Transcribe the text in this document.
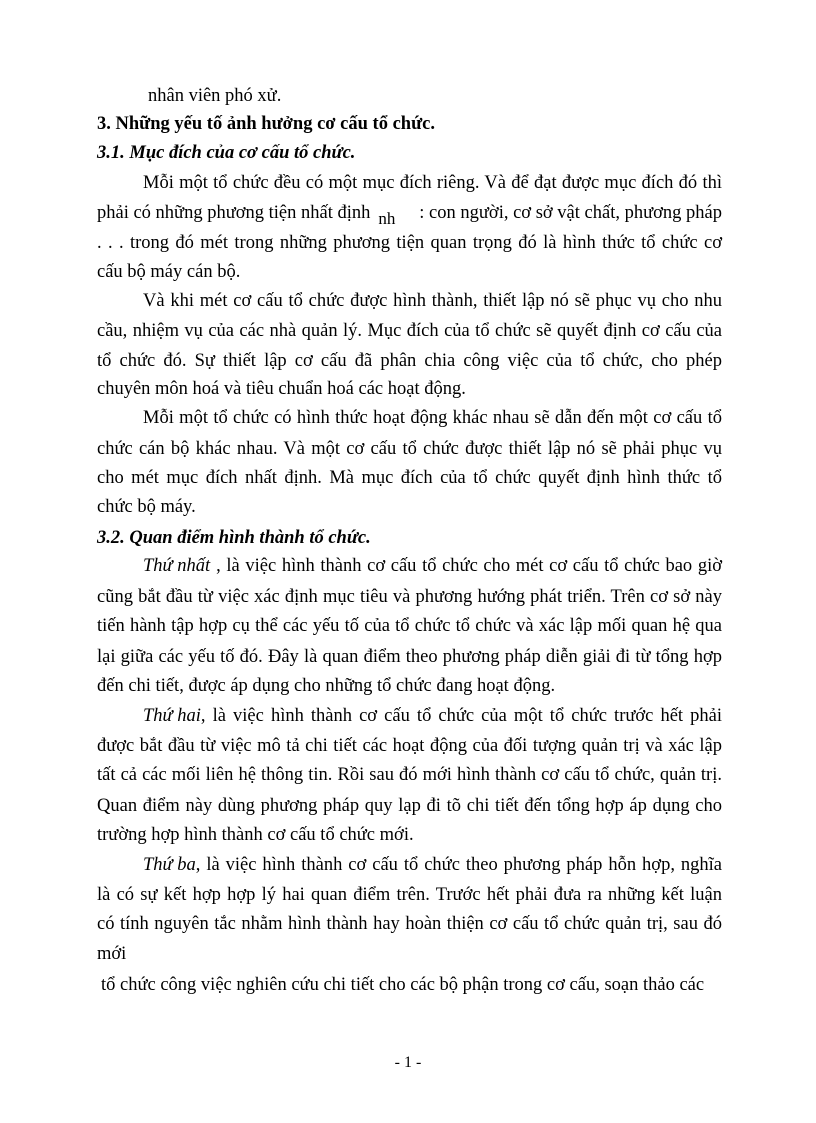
nhân viên phó xử.
3. Những yếu tố ảnh hưởng cơ cấu tổ chức.
3.1. Mục đích của cơ cấu tổ chức.
Mỗi một tổ chức đều có một mục đích riêng. Và để đạt được mục đích đó thì
phải có những phương tiện nhất định nh : con người, cơ sở vật chất, phương pháp
. . . trong đó mét trong những phương tiện quan trọng đó là hình thức tổ chức cơ
cấu bộ máy cán bộ.
Và khi mét cơ cấu tổ chức được hình thành, thiết lập nó sẽ phục vụ cho nhu
cầu, nhiệm vụ của các nhà quản lý. Mục đích của tổ chức sẽ quyết định cơ cấu của
tổ chức đó. Sự thiết lập cơ cấu đã phân chia công việc của tổ chức, cho phép
chuyên môn hoá và tiêu chuẩn hoá các hoạt động.
Mỗi một tổ chức có hình thức hoạt động khác nhau sẽ dẫn đến một cơ cấu tổ
chức cán bộ khác nhau. Và một cơ cấu tổ chức được thiết lập nó sẽ phải phục vụ
cho mét mục đích nhất định. Mà mục đích của tổ chức quyết định hình thức tổ
chức bộ máy.
3.2. Quan điểm hình thành tổ chức.
Thứ nhất , là việc hình thành cơ cấu tổ chức cho mét cơ cấu tổ chức bao giờ
cũng bắt đầu từ việc xác định mục tiêu và phương hướng phát triển. Trên cơ sở này
tiến hành tập hợp cụ thể các yếu tố của tổ chức tổ chức và xác lập mối quan hệ qua
lại giữa các yếu tố đó. Đây là quan điểm theo phương pháp diễn giải đi từ tổng hợp
đến chi tiết, được áp dụng cho những tổ chức đang hoạt động.
Thứ hai , là việc hình thành cơ cấu tổ chức của một tổ chức trước hết phải
được bắt đầu từ việc mô tả chi tiết các hoạt động của đối tượng quản trị và xác lập
tất cả các mối liên hệ thông tin. Rồi sau đó mới hình thành cơ cấu tổ chức, quản trị.
Quan điểm này dùng phương pháp quy lạp đi tõ chi tiết đến tổng hợp áp dụng cho
trường hợp hình thành cơ cấu tổ chức mới.
Thứ ba , là việc hình thành cơ cấu tổ chức theo phương pháp hỗn hợp, nghĩa
là có sự kết hợp hợp lý hai quan điểm trên. Trước hết phải đưa ra những kết luận
có tính nguyên tắc nhằm hình thành hay hoàn thiện cơ cấu tổ chức quản trị, sau đó
mới
tổ chức công việc nghiên cứu chi tiết cho các bộ phận trong cơ cấu, soạn thảo các
- 1 -
